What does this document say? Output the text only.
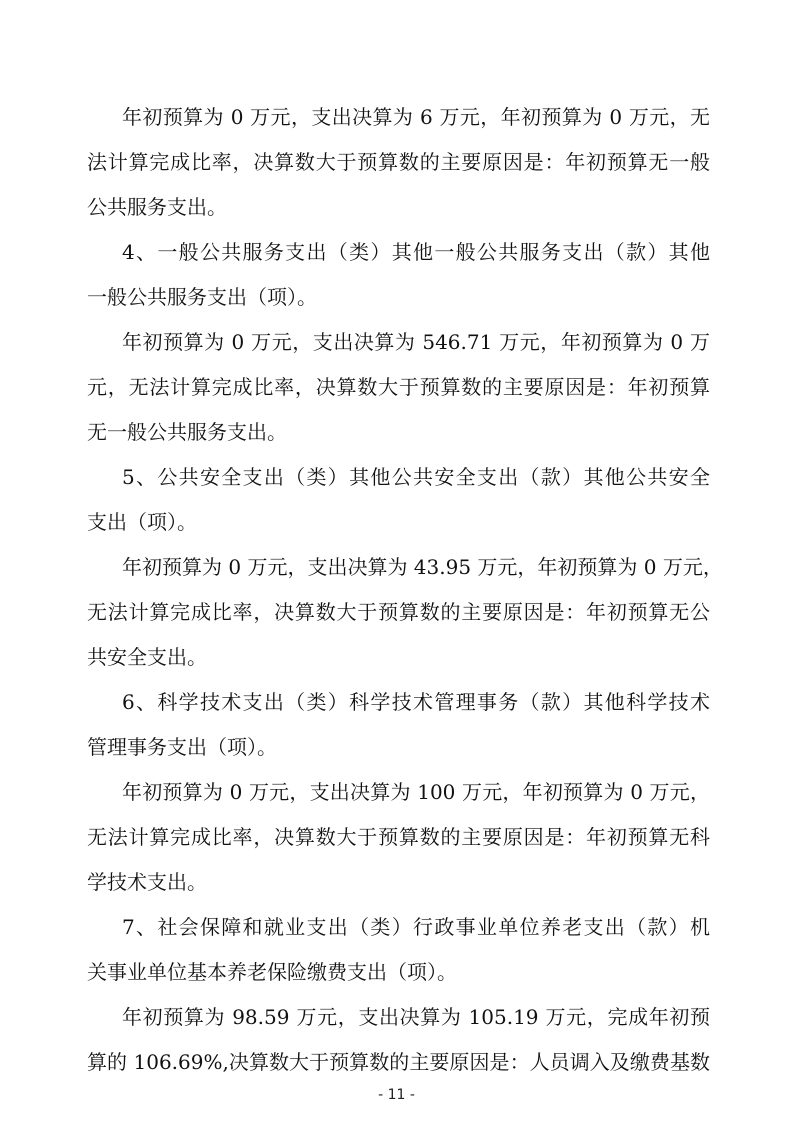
年初预算为 0 万元，支出决算为 6 万元，年初预算为 0 万元，无
法计算完成比率，决算数大于预算数的主要原因是：年初预算无一般
公共服务支出。
4、一般公共服务支出（类）其他一般公共服务支出（款）其他
一般公共服务支出（项）。
年初预算为 0 万元，支出决算为 546.71 万元，年初预算为 0 万
元，无法计算完成比率，决算数大于预算数的主要原因是：年初预算
无一般公共服务支出。
5、公共安全支出（类）其他公共安全支出（款）其他公共安全
支出（项）。
年初预算为 0 万元，支出决算为 43.95 万元，年初预算为 0 万元，
无法计算完成比率，决算数大于预算数的主要原因是：年初预算无公
共安全支出。
6、科学技术支出（类）科学技术管理事务（款）其他科学技术
管理事务支出（项）。
年初预算为 0 万元，支出决算为 100 万元，年初预算为 0 万元，
无法计算完成比率，决算数大于预算数的主要原因是：年初预算无科
学技术支出。
7、社会保障和就业支出（类）行政事业单位养老支出（款）机
关事业单位基本养老保险缴费支出（项）。
年初预算为 98.59 万元，支出决算为 105.19 万元，完成年初预
算的 106.69%,决算数大于预算数的主要原因是：人员调入及缴费基数
- 11 -
